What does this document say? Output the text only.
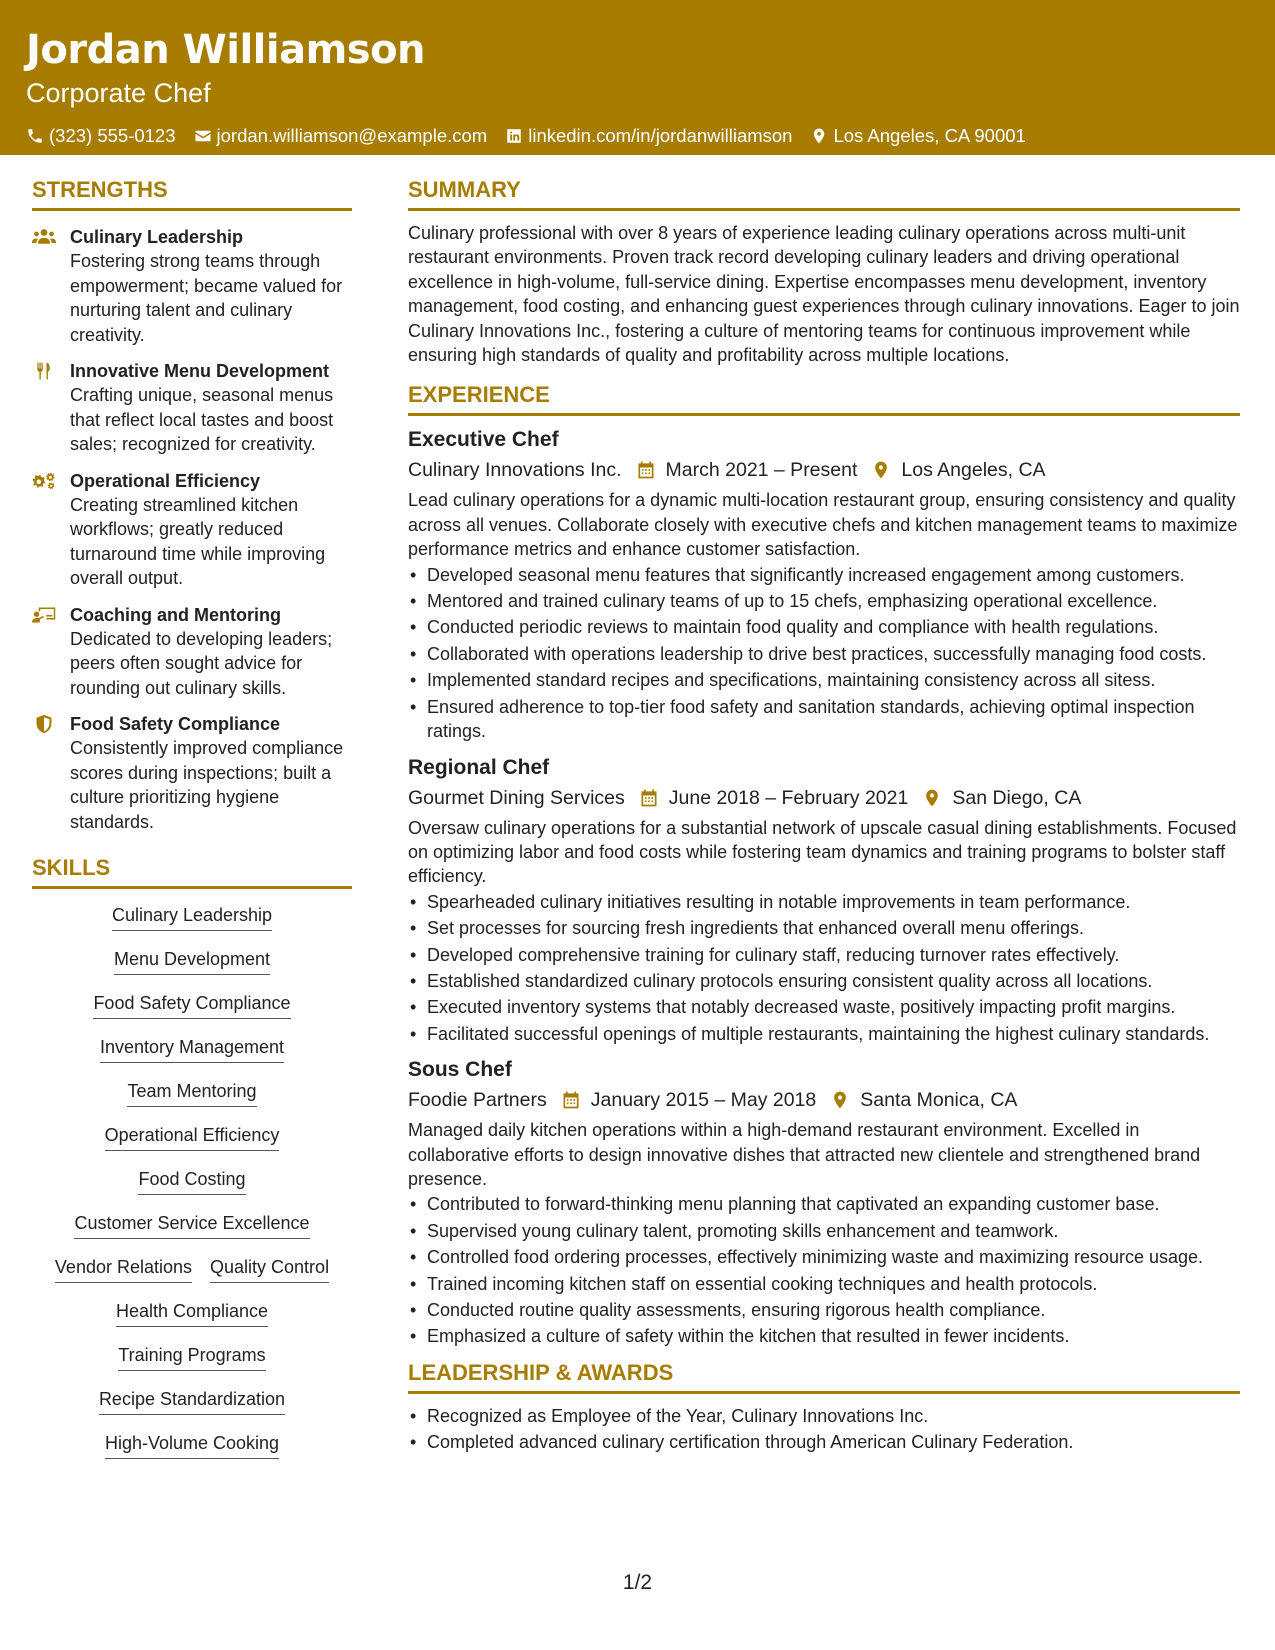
Jordan Williamson
Corporate Chef
(323) 555-0123 jordan.williamson@example.com linkedin.com/in/jordanwilliamson Los Angeles, CA 90001
STRENGTHS
Culinary Leadership
Fostering strong teams through empowerment; became valued for nurturing talent and culinary creativity.
Innovative Menu Development
Crafting unique, seasonal menus that reflect local tastes and boost sales; recognized for creativity.
Operational Efficiency
Creating streamlined kitchen workflows; greatly reduced turnaround time while improving overall output.
Coaching and Mentoring
Dedicated to developing leaders; peers often sought advice for rounding out culinary skills.
Food Safety Compliance
Consistently improved compliance scores during inspections; built a culture prioritizing hygiene standards.
SKILLS
Culinary Leadership
Menu Development
Food Safety Compliance
Inventory Management
Team Mentoring
Operational Efficiency
Food Costing
Customer Service Excellence
Vendor Relations Quality Control
Health Compliance
Training Programs
Recipe Standardization
High-Volume Cooking
SUMMARY
Culinary professional with over 8 years of experience leading culinary operations across multi-unit restaurant environments. Proven track record developing culinary leaders and driving operational excellence in high-volume, full-service dining. Expertise encompasses menu development, inventory management, food costing, and enhancing guest experiences through culinary innovations. Eager to join Culinary Innovations Inc., fostering a culture of mentoring teams for continuous improvement while ensuring high standards of quality and profitability across multiple locations.
EXPERIENCE
Executive Chef
Culinary Innovations Inc. March 2021 – Present Los Angeles, CA
Lead culinary operations for a dynamic multi-location restaurant group, ensuring consistency and quality across all venues. Collaborate closely with executive chefs and kitchen management teams to maximize performance metrics and enhance customer satisfaction.
• Developed seasonal menu features that significantly increased engagement among customers.
• Mentored and trained culinary teams of up to 15 chefs, emphasizing operational excellence.
• Conducted periodic reviews to maintain food quality and compliance with health regulations.
• Collaborated with operations leadership to drive best practices, successfully managing food costs.
• Implemented standard recipes and specifications, maintaining consistency across all sitess.
• Ensured adherence to top-tier food safety and sanitation standards, achieving optimal inspection ratings.
Regional Chef
Gourmet Dining Services June 2018 – February 2021 San Diego, CA
Oversaw culinary operations for a substantial network of upscale casual dining establishments. Focused on optimizing labor and food costs while fostering team dynamics and training programs to bolster staff efficiency.
• Spearheaded culinary initiatives resulting in notable improvements in team performance.
• Set processes for sourcing fresh ingredients that enhanced overall menu offerings.
• Developed comprehensive training for culinary staff, reducing turnover rates effectively.
• Established standardized culinary protocols ensuring consistent quality across all locations.
• Executed inventory systems that notably decreased waste, positively impacting profit margins.
• Facilitated successful openings of multiple restaurants, maintaining the highest culinary standards.
Sous Chef
Foodie Partners January 2015 – May 2018 Santa Monica, CA
Managed daily kitchen operations within a high-demand restaurant environment. Excelled in collaborative efforts to design innovative dishes that attracted new clientele and strengthened brand presence.
• Contributed to forward-thinking menu planning that captivated an expanding customer base.
• Supervised young culinary talent, promoting skills enhancement and teamwork.
• Controlled food ordering processes, effectively minimizing waste and maximizing resource usage.
• Trained incoming kitchen staff on essential cooking techniques and health protocols.
• Conducted routine quality assessments, ensuring rigorous health compliance.
• Emphasized a culture of safety within the kitchen that resulted in fewer incidents.
LEADERSHIP & AWARDS
• Recognized as Employee of the Year, Culinary Innovations Inc.
• Completed advanced culinary certification through American Culinary Federation.
1/2
